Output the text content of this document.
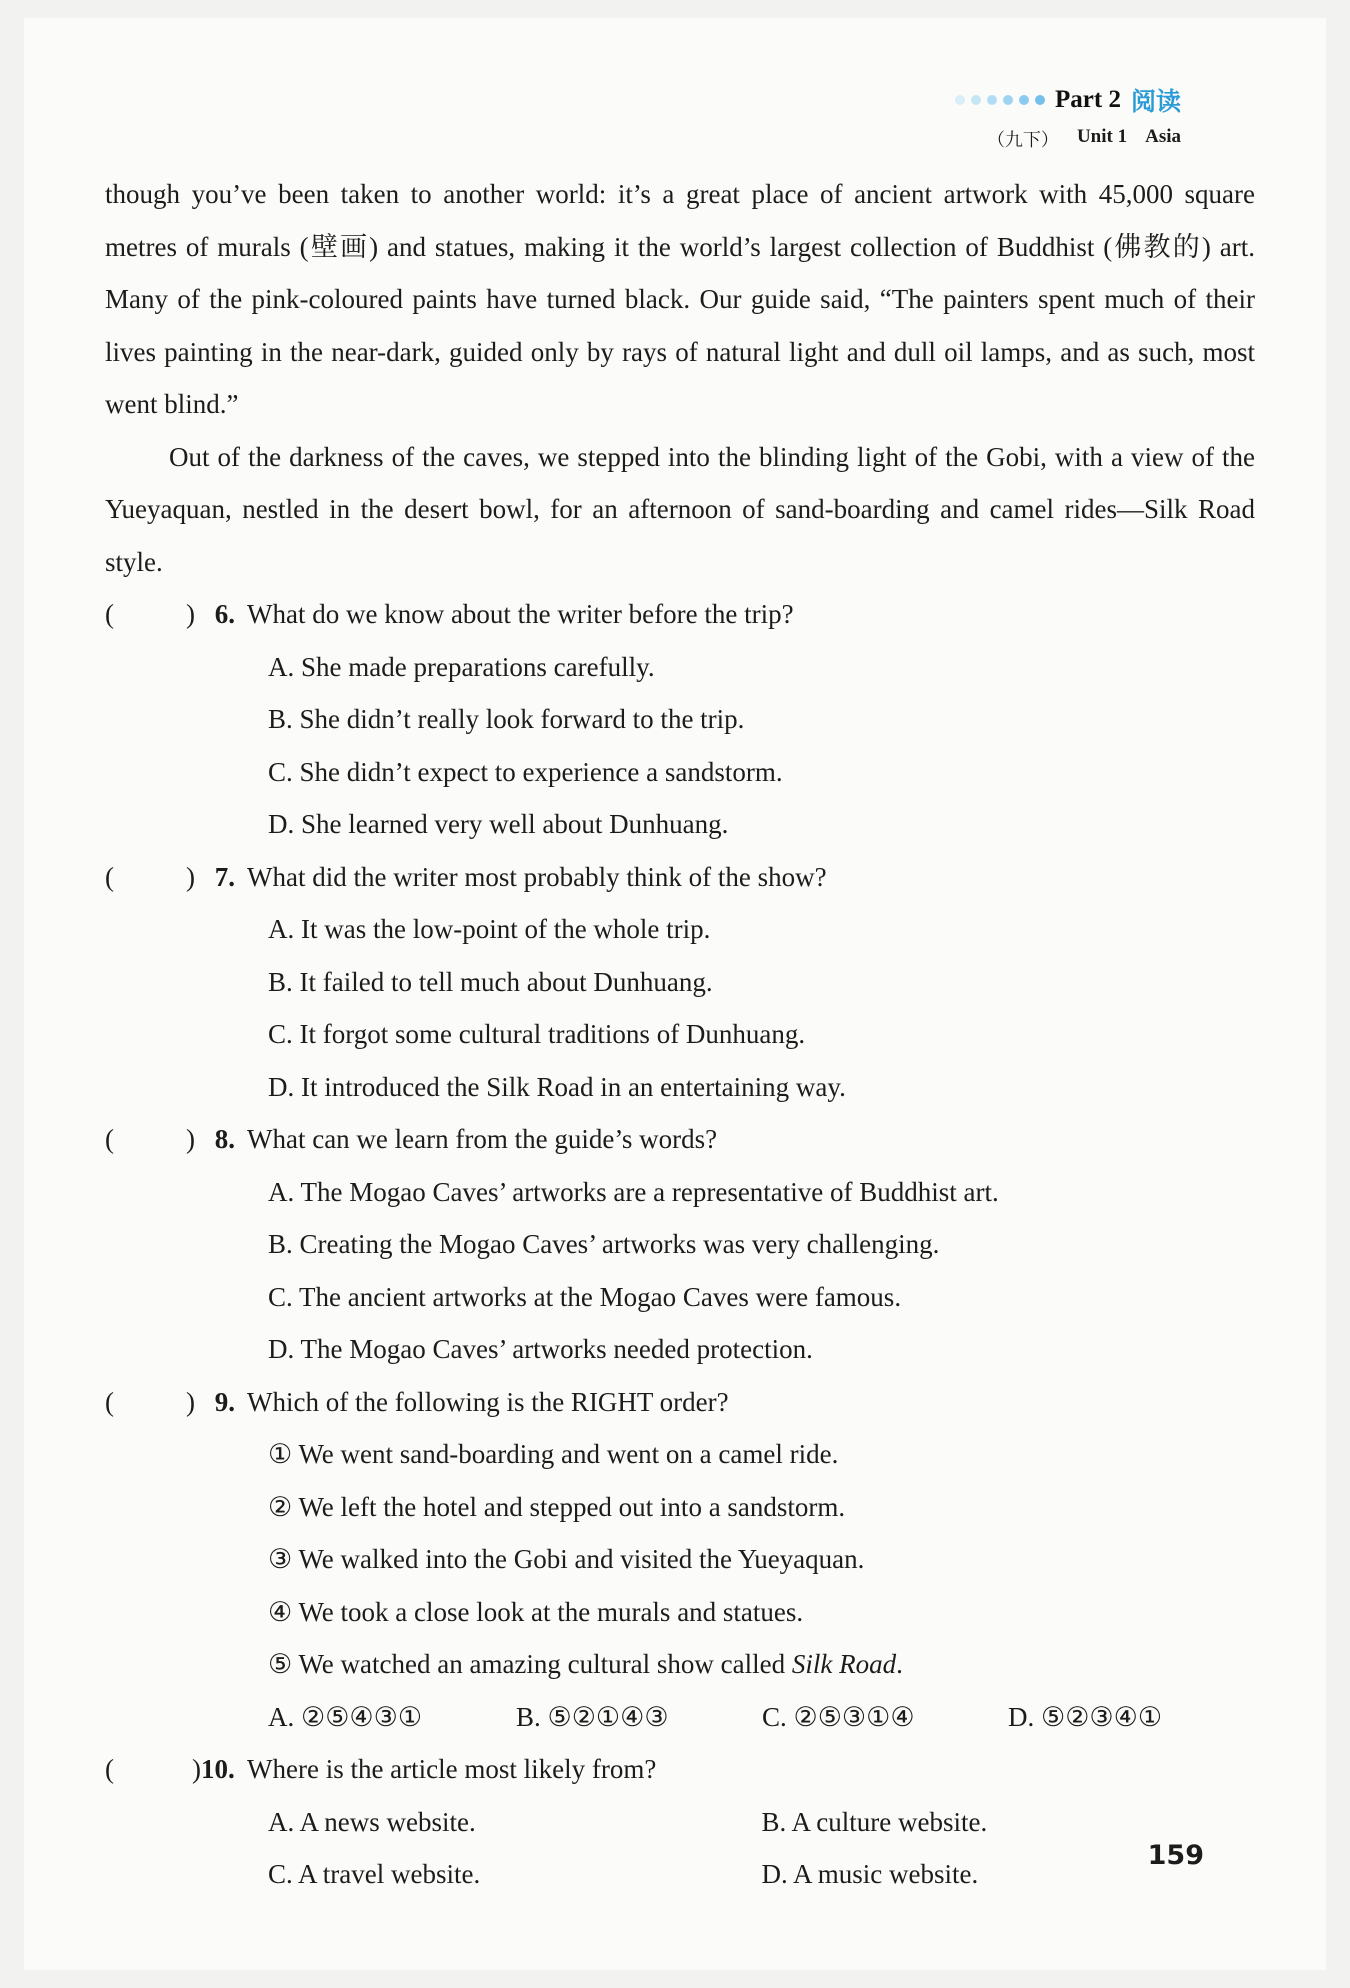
Part 2 阅读
（九下） Unit 1 Asia

though you’ve been taken to another world: it’s a great place of ancient artwork with 45,000 square metres of murals (壁画) and statues, making it the world’s largest collection of Buddhist (佛教的) art. Many of the pink-coloured paints have turned black. Our guide said, “The painters spent much of their lives painting in the near-dark, guided only by rays of natural light and dull oil lamps, and as such, most went blind.”

Out of the darkness of the caves, we stepped into the blinding light of the Gobi, with a view of the Yueyaquan, nestled in the desert bowl, for an afternoon of sand-boarding and camel rides—Silk Road style.

(	) 6. What do we know about the writer before the trip?
A. She made preparations carefully.
B. She didn’t really look forward to the trip.
C. She didn’t expect to experience a sandstorm.
D. She learned very well about Dunhuang.
(	) 7. What did the writer most probably think of the show?
A. It was the low-point of the whole trip.
B. It failed to tell much about Dunhuang.
C. It forgot some cultural traditions of Dunhuang.
D. It introduced the Silk Road in an entertaining way.
(	) 8. What can we learn from the guide’s words?
A. The Mogao Caves’ artworks are a representative of Buddhist art.
B. Creating the Mogao Caves’ artworks was very challenging.
C. The ancient artworks at the Mogao Caves were famous.
D. The Mogao Caves’ artworks needed protection.
(	) 9. Which of the following is the RIGHT order?
① We went sand-boarding and went on a camel ride.
② We left the hotel and stepped out into a sandstorm.
③ We walked into the Gobi and visited the Yueyaquan.
④ We took a close look at the murals and statues.
⑤ We watched an amazing cultural show called Silk Road.
A. ②⑤④③①	B. ⑤②①④③	C. ②⑤③①④	D. ⑤②③④①
(	) 10. Where is the article most likely from?
A. A news website.	B. A culture website.
C. A travel website.	D. A music website.
159
